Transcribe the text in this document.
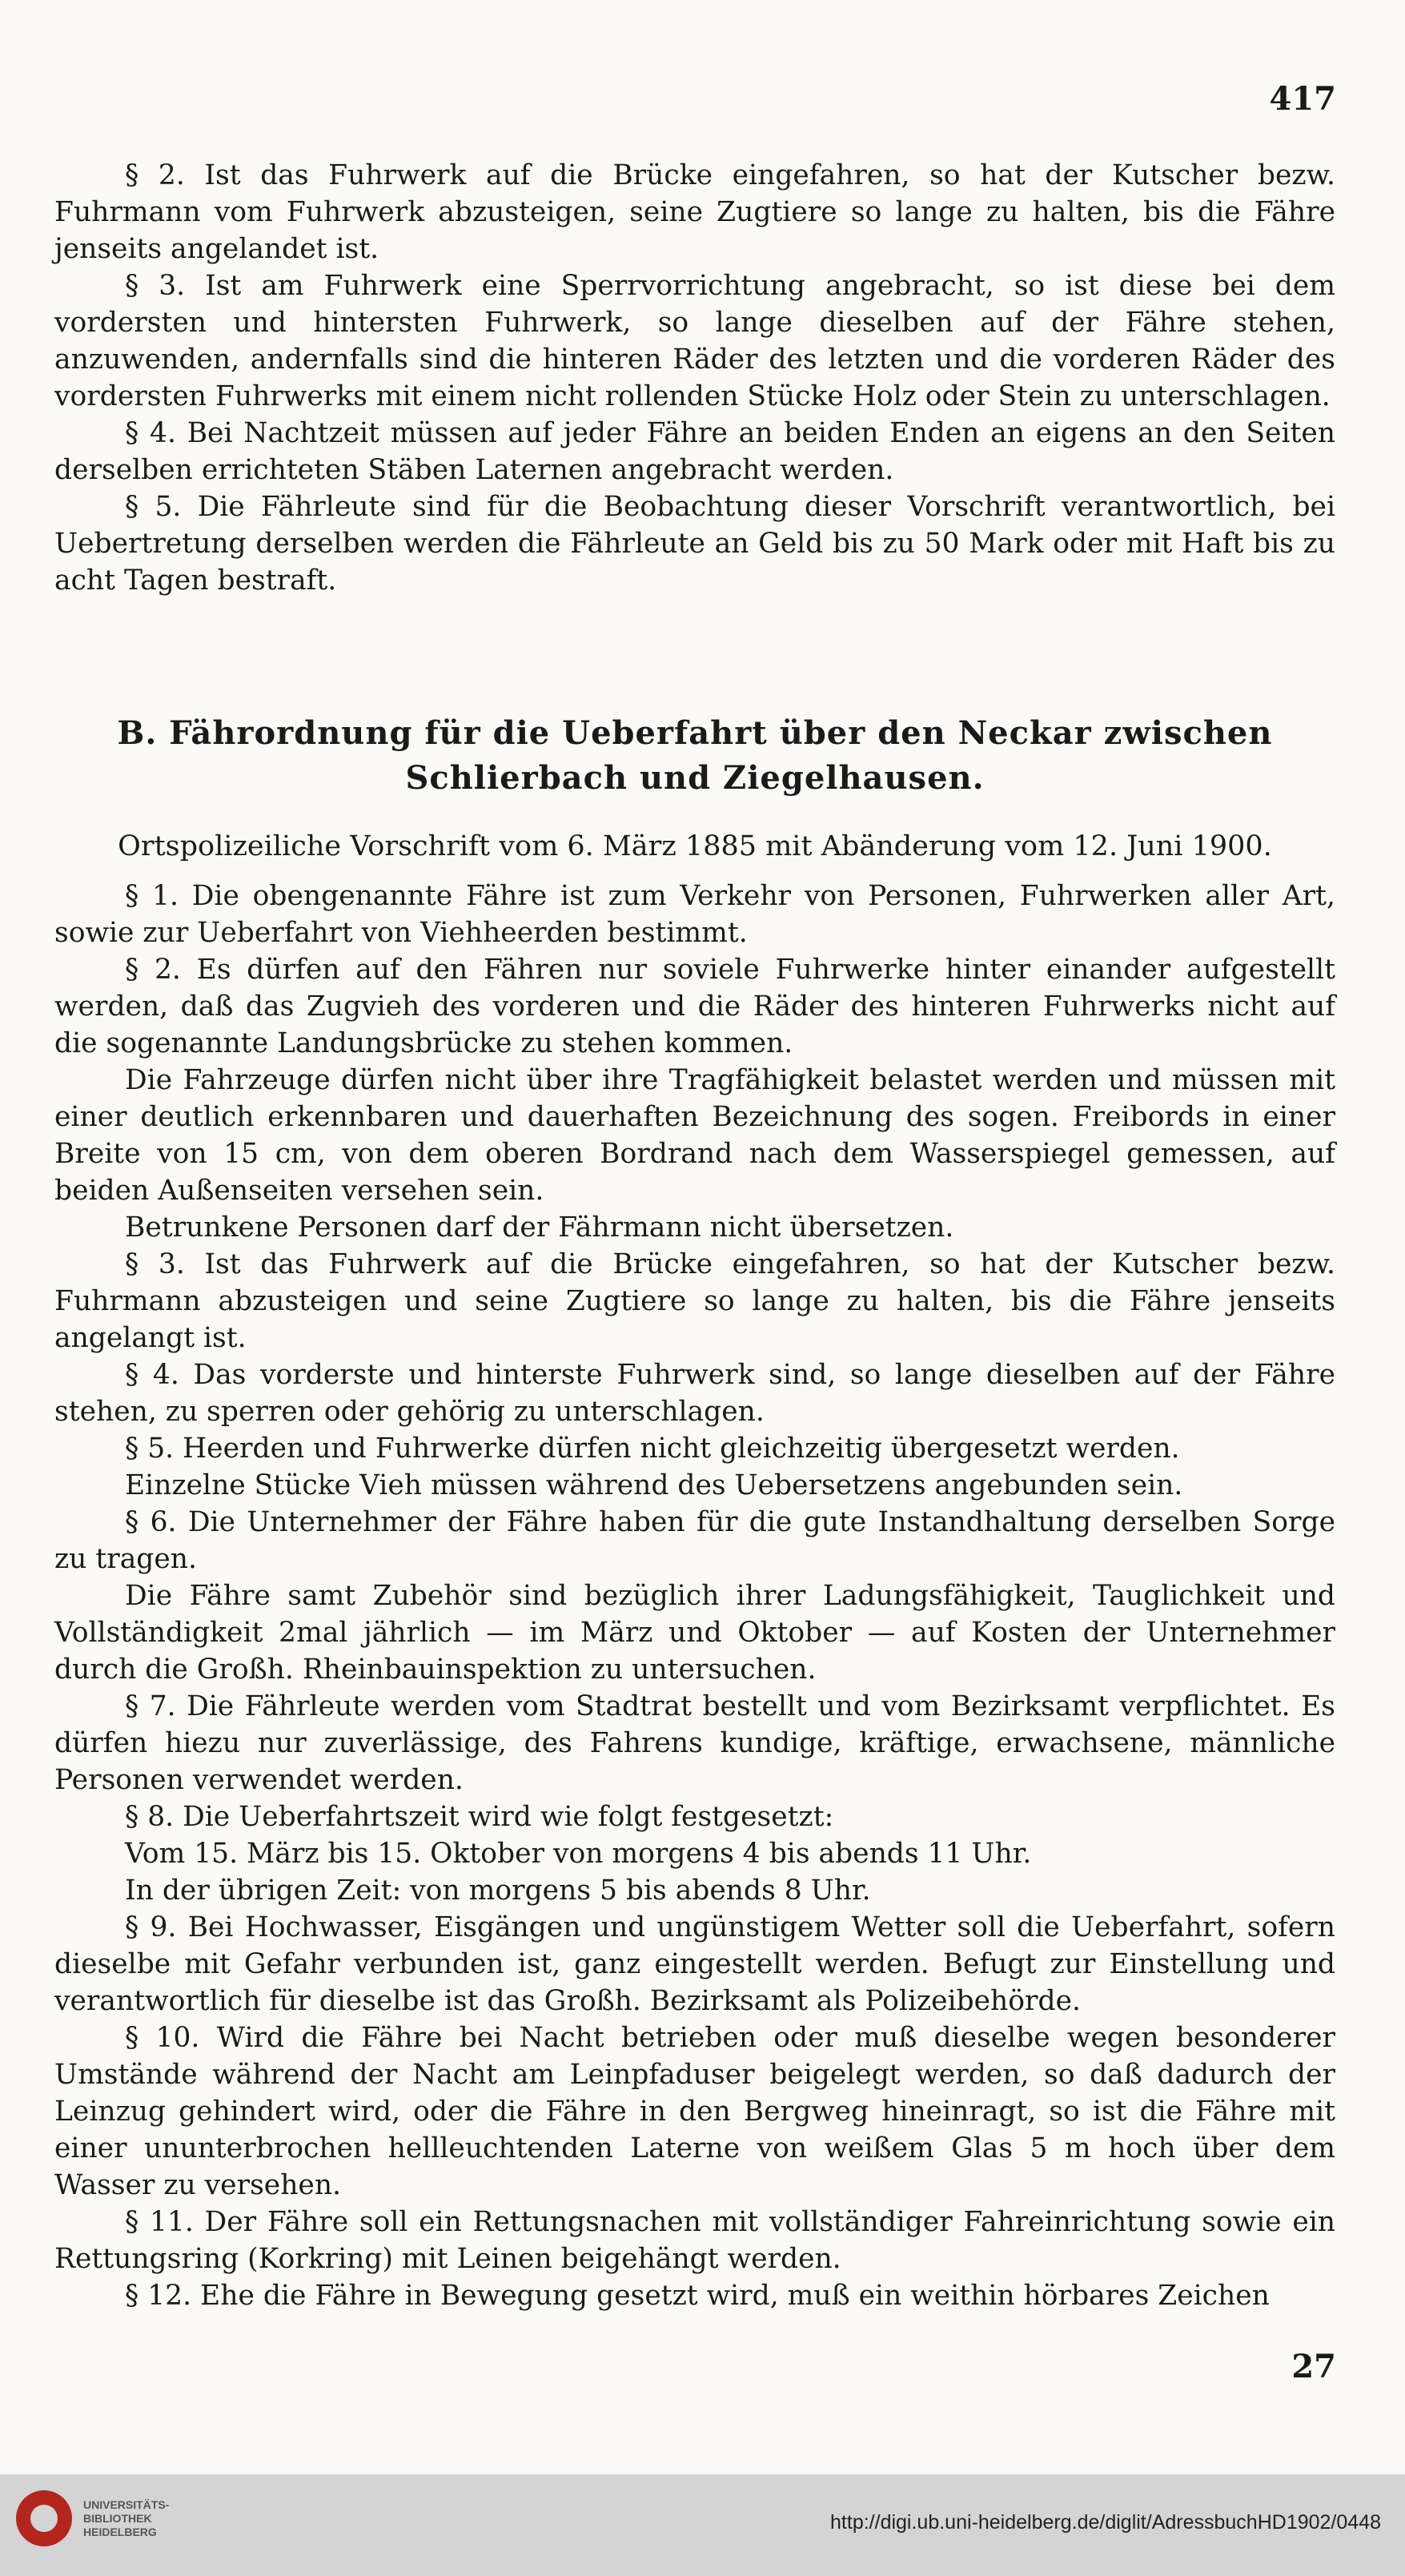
417

§ 2. Ist das Fuhrwerk auf die Brücke eingefahren, so hat der Kutscher bezw. Fuhrmann vom Fuhrwerk abzusteigen, seine Zugtiere so lange zu halten, bis die Fähre jenseits angelandet ist.

§ 3. Ist am Fuhrwerk eine Sperrvorrichtung angebracht, so ist diese bei dem vordersten und hintersten Fuhrwerk, so lange dieselben auf der Fähre stehen, anzuwenden, andernfalls sind die hinteren Räder des letzten und die vorderen Räder des vordersten Fuhrwerks mit einem nicht rollenden Stücke Holz oder Stein zu unterschlagen.

§ 4. Bei Nachtzeit müssen auf jeder Fähre an beiden Enden an eigens an den Seiten derselben errichteten Stäben Laternen angebracht werden.

§ 5. Die Fährleute sind für die Beobachtung dieser Vorschrift verantwortlich, bei Uebertretung derselben werden die Fährleute an Geld bis zu 50 Mark oder mit Haft bis zu acht Tagen bestraft.

B. Fährordnung für die Ueberfahrt über den Neckar zwischen Schlierbach und Ziegelhausen.
Ortspolizeiliche Vorschrift vom 6. März 1885 mit Abänderung vom 12. Juni 1900.

§ 1. Die obengenannte Fähre ist zum Verkehr von Personen, Fuhrwerken aller Art, sowie zur Ueberfahrt von Viehheerden bestimmt.

§ 2. Es dürfen auf den Fähren nur soviele Fuhrwerke hinter einander aufgestellt werden, daß das Zugvieh des vorderen und die Räder des hinteren Fuhrwerks nicht auf die sogenannte Landungsbrücke zu stehen kommen.

Die Fahrzeuge dürfen nicht über ihre Tragfähigkeit belastet werden und müssen mit einer deutlich erkennbaren und dauerhaften Bezeichnung des sogen. Freibords in einer Breite von 15 cm, von dem oberen Bordrand nach dem Wasserspiegel gemessen, auf beiden Außenseiten versehen sein.

Betrunkene Personen darf der Fährmann nicht übersetzen.

§ 3. Ist das Fuhrwerk auf die Brücke eingefahren, so hat der Kutscher bezw. Fuhrmann abzusteigen und seine Zugtiere so lange zu halten, bis die Fähre jenseits angelangt ist.

§ 4. Das vorderste und hinterste Fuhrwerk sind, so lange dieselben auf der Fähre stehen, zu sperren oder gehörig zu unterschlagen.

§ 5. Heerden und Fuhrwerke dürfen nicht gleichzeitig übergesetzt werden.

Einzelne Stücke Vieh müssen während des Uebersetzens angebunden sein.

§ 6. Die Unternehmer der Fähre haben für die gute Instandhaltung derselben Sorge zu tragen.

Die Fähre samt Zubehör sind bezüglich ihrer Ladungsfähigkeit, Tauglichkeit und Vollständigkeit 2mal jährlich — im März und Oktober — auf Kosten der Unternehmer durch die Großh. Rheinbauinspektion zu untersuchen.

§ 7. Die Fährleute werden vom Stadtrat bestellt und vom Bezirksamt verpflichtet. Es dürfen hiezu nur zuverlässige, des Fahrens kundige, kräftige, erwachsene, männliche Personen verwendet werden.

§ 8. Die Ueberfahrtszeit wird wie folgt festgesetzt:

Vom 15. März bis 15. Oktober von morgens 4 bis abends 11 Uhr.

In der übrigen Zeit: von morgens 5 bis abends 8 Uhr.

§ 9. Bei Hochwasser, Eisgängen und ungünstigem Wetter soll die Ueberfahrt, sofern dieselbe mit Gefahr verbunden ist, ganz eingestellt werden. Befugt zur Einstellung und verantwortlich für dieselbe ist das Großh. Bezirksamt als Polizeibehörde.

§ 10. Wird die Fähre bei Nacht betrieben oder muß dieselbe wegen besonderer Umstände während der Nacht am Leinpfaduser beigelegt werden, so daß dadurch der Leinzug gehindert wird, oder die Fähre in den Bergweg hineinragt, so ist die Fähre mit einer ununterbrochen hellleuchtenden Laterne von weißem Glas 5 m hoch über dem Wasser zu versehen.

§ 11. Der Fähre soll ein Rettungsnachen mit vollständiger Fahreinrichtung sowie ein Rettungsring (Korkring) mit Leinen beigehängt werden.

§ 12. Ehe die Fähre in Bewegung gesetzt wird, muß ein weithin hörbares Zeichen

27
UNIVERSITÄTS-
BIBLIOTHEK
HEIDELBERG	http://digi.ub.uni-heidelberg.de/diglit/AdressbuchHD1902/0448
